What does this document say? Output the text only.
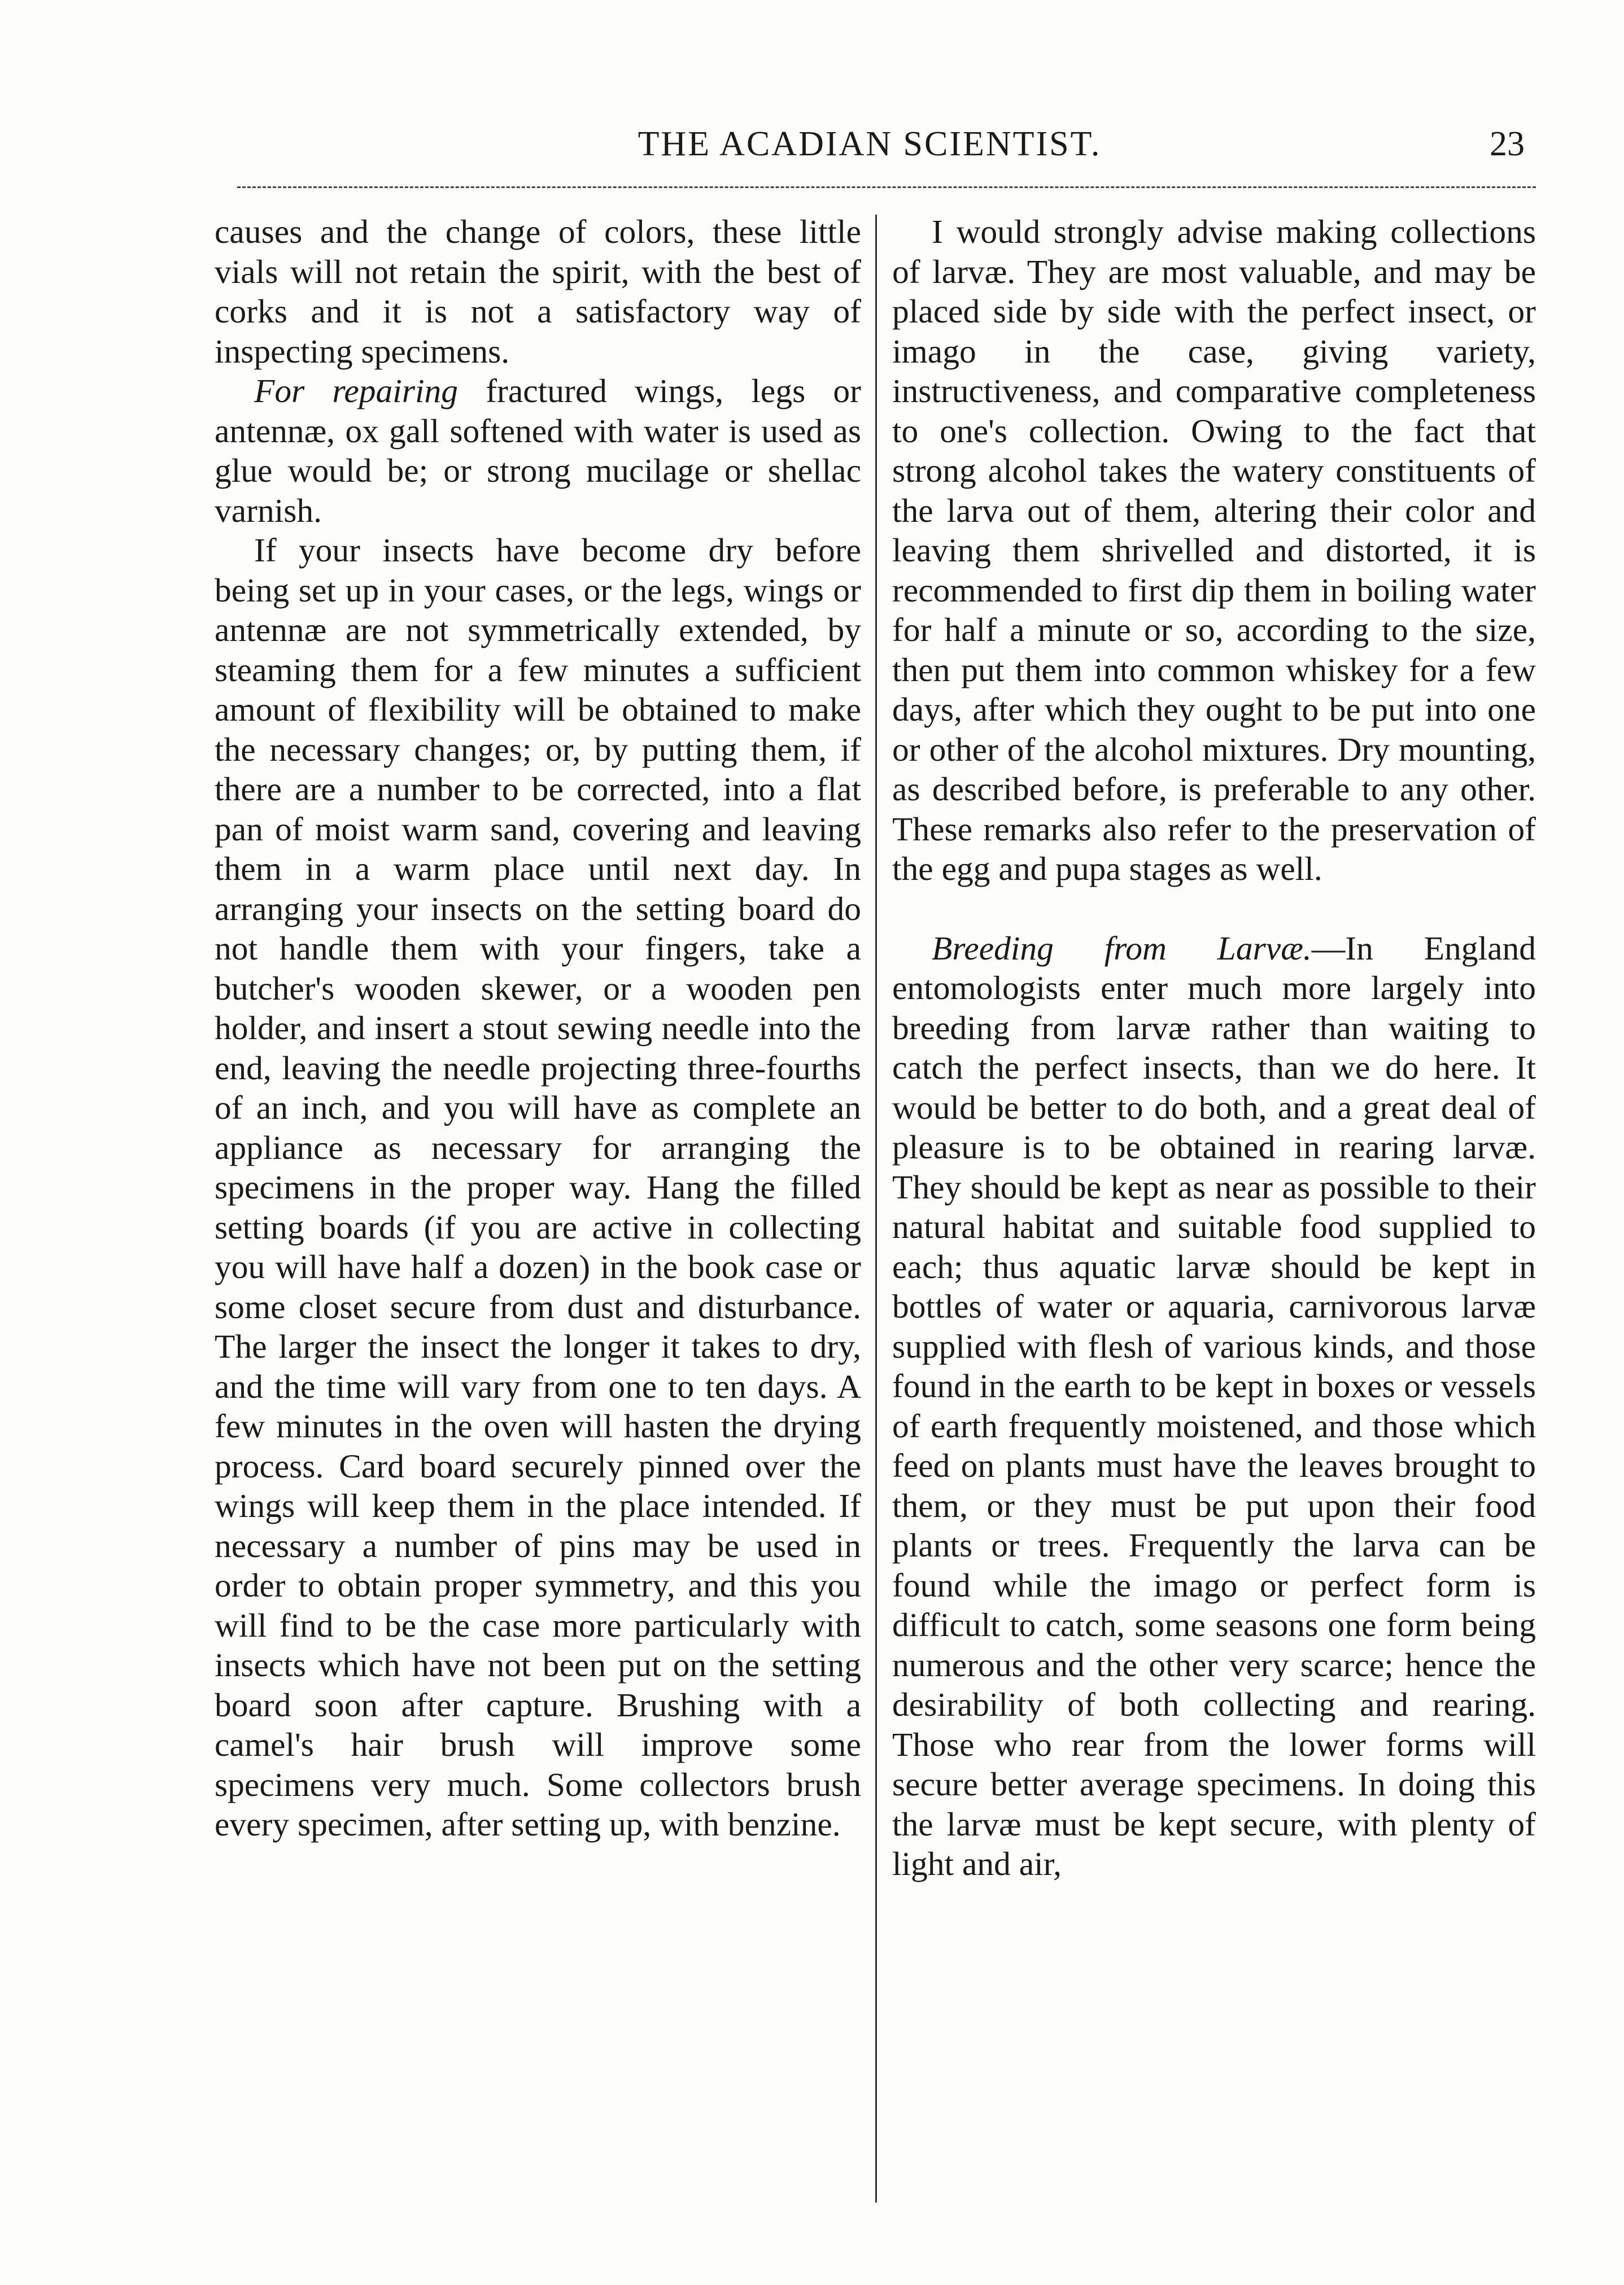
THE ACADIAN SCIENTIST.	23

causes and the change of colors, these little vials will not retain the spirit, with the best of corks and it is not a satisfactory way of inspecting specimens.

For repairing fractured wings, legs or antennæ, ox gall softened with water is used as glue would be; or strong mucilage or shellac varnish.

If your insects have become dry before being set up in your cases, or the legs, wings or antennæ are not symmetrically extended, by steaming them for a few minutes a sufficient amount of flexibility will be obtained to make the necessary changes; or, by putting them, if there are a number to be corrected, into a flat pan of moist warm sand, covering and leaving them in a warm place until next day. In arranging your insects on the setting board do not handle them with your fingers, take a butcher's wooden skewer, or a wooden pen holder, and insert a stout sewing needle into the end, leaving the needle projecting three-fourths of an inch, and you will have as complete an appliance as necessary for arranging the specimens in the proper way. Hang the filled setting boards (if you are active in collecting you will have half a dozen) in the book case or some closet secure from dust and disturbance. The larger the insect the longer it takes to dry, and the time will vary from one to ten days. A few minutes in the oven will hasten the drying process. Card board securely pinned over the wings will keep them in the place intended. If necessary a number of pins may be used in order to obtain proper symmetry, and this you will find to be the case more particularly with insects which have not been put on the setting board soon after capture. Brushing with a camel's hair brush will improve some specimens very much. Some collectors brush every specimen, after setting up, with benzine.

I would strongly advise making collections of larvæ. They are most valuable, and may be placed side by side with the perfect insect, or imago in the case, giving variety, instructiveness, and comparative completeness to one's collection. Owing to the fact that strong alcohol takes the watery constituents of the larva out of them, altering their color and leaving them shrivelled and distorted, it is recommended to first dip them in boiling water for half a minute or so, according to the size, then put them into common whiskey for a few days, after which they ought to be put into one or other of the alcohol mixtures. Dry mounting, as described before, is preferable to any other. These remarks also refer to the preservation of the egg and pupa stages as well.

Breeding from Larvæ.—In England entomologists enter much more largely into breeding from larvæ rather than waiting to catch the perfect insects, than we do here. It would be better to do both, and a great deal of pleasure is to be obtained in rearing larvæ. They should be kept as near as possible to their natural habitat and suitable food supplied to each; thus aquatic larvæ should be kept in bottles of water or aquaria, carnivorous larvæ supplied with flesh of various kinds, and those found in the earth to be kept in boxes or vessels of earth frequently moistened, and those which feed on plants must have the leaves brought to them, or they must be put upon their food plants or trees. Frequently the larva can be found while the imago or perfect form is difficult to catch, some seasons one form being numerous and the other very scarce; hence the desirability of both collecting and rearing. Those who rear from the lower forms will secure better average specimens. In doing this the larvæ must be kept secure, with plenty of light and air,
